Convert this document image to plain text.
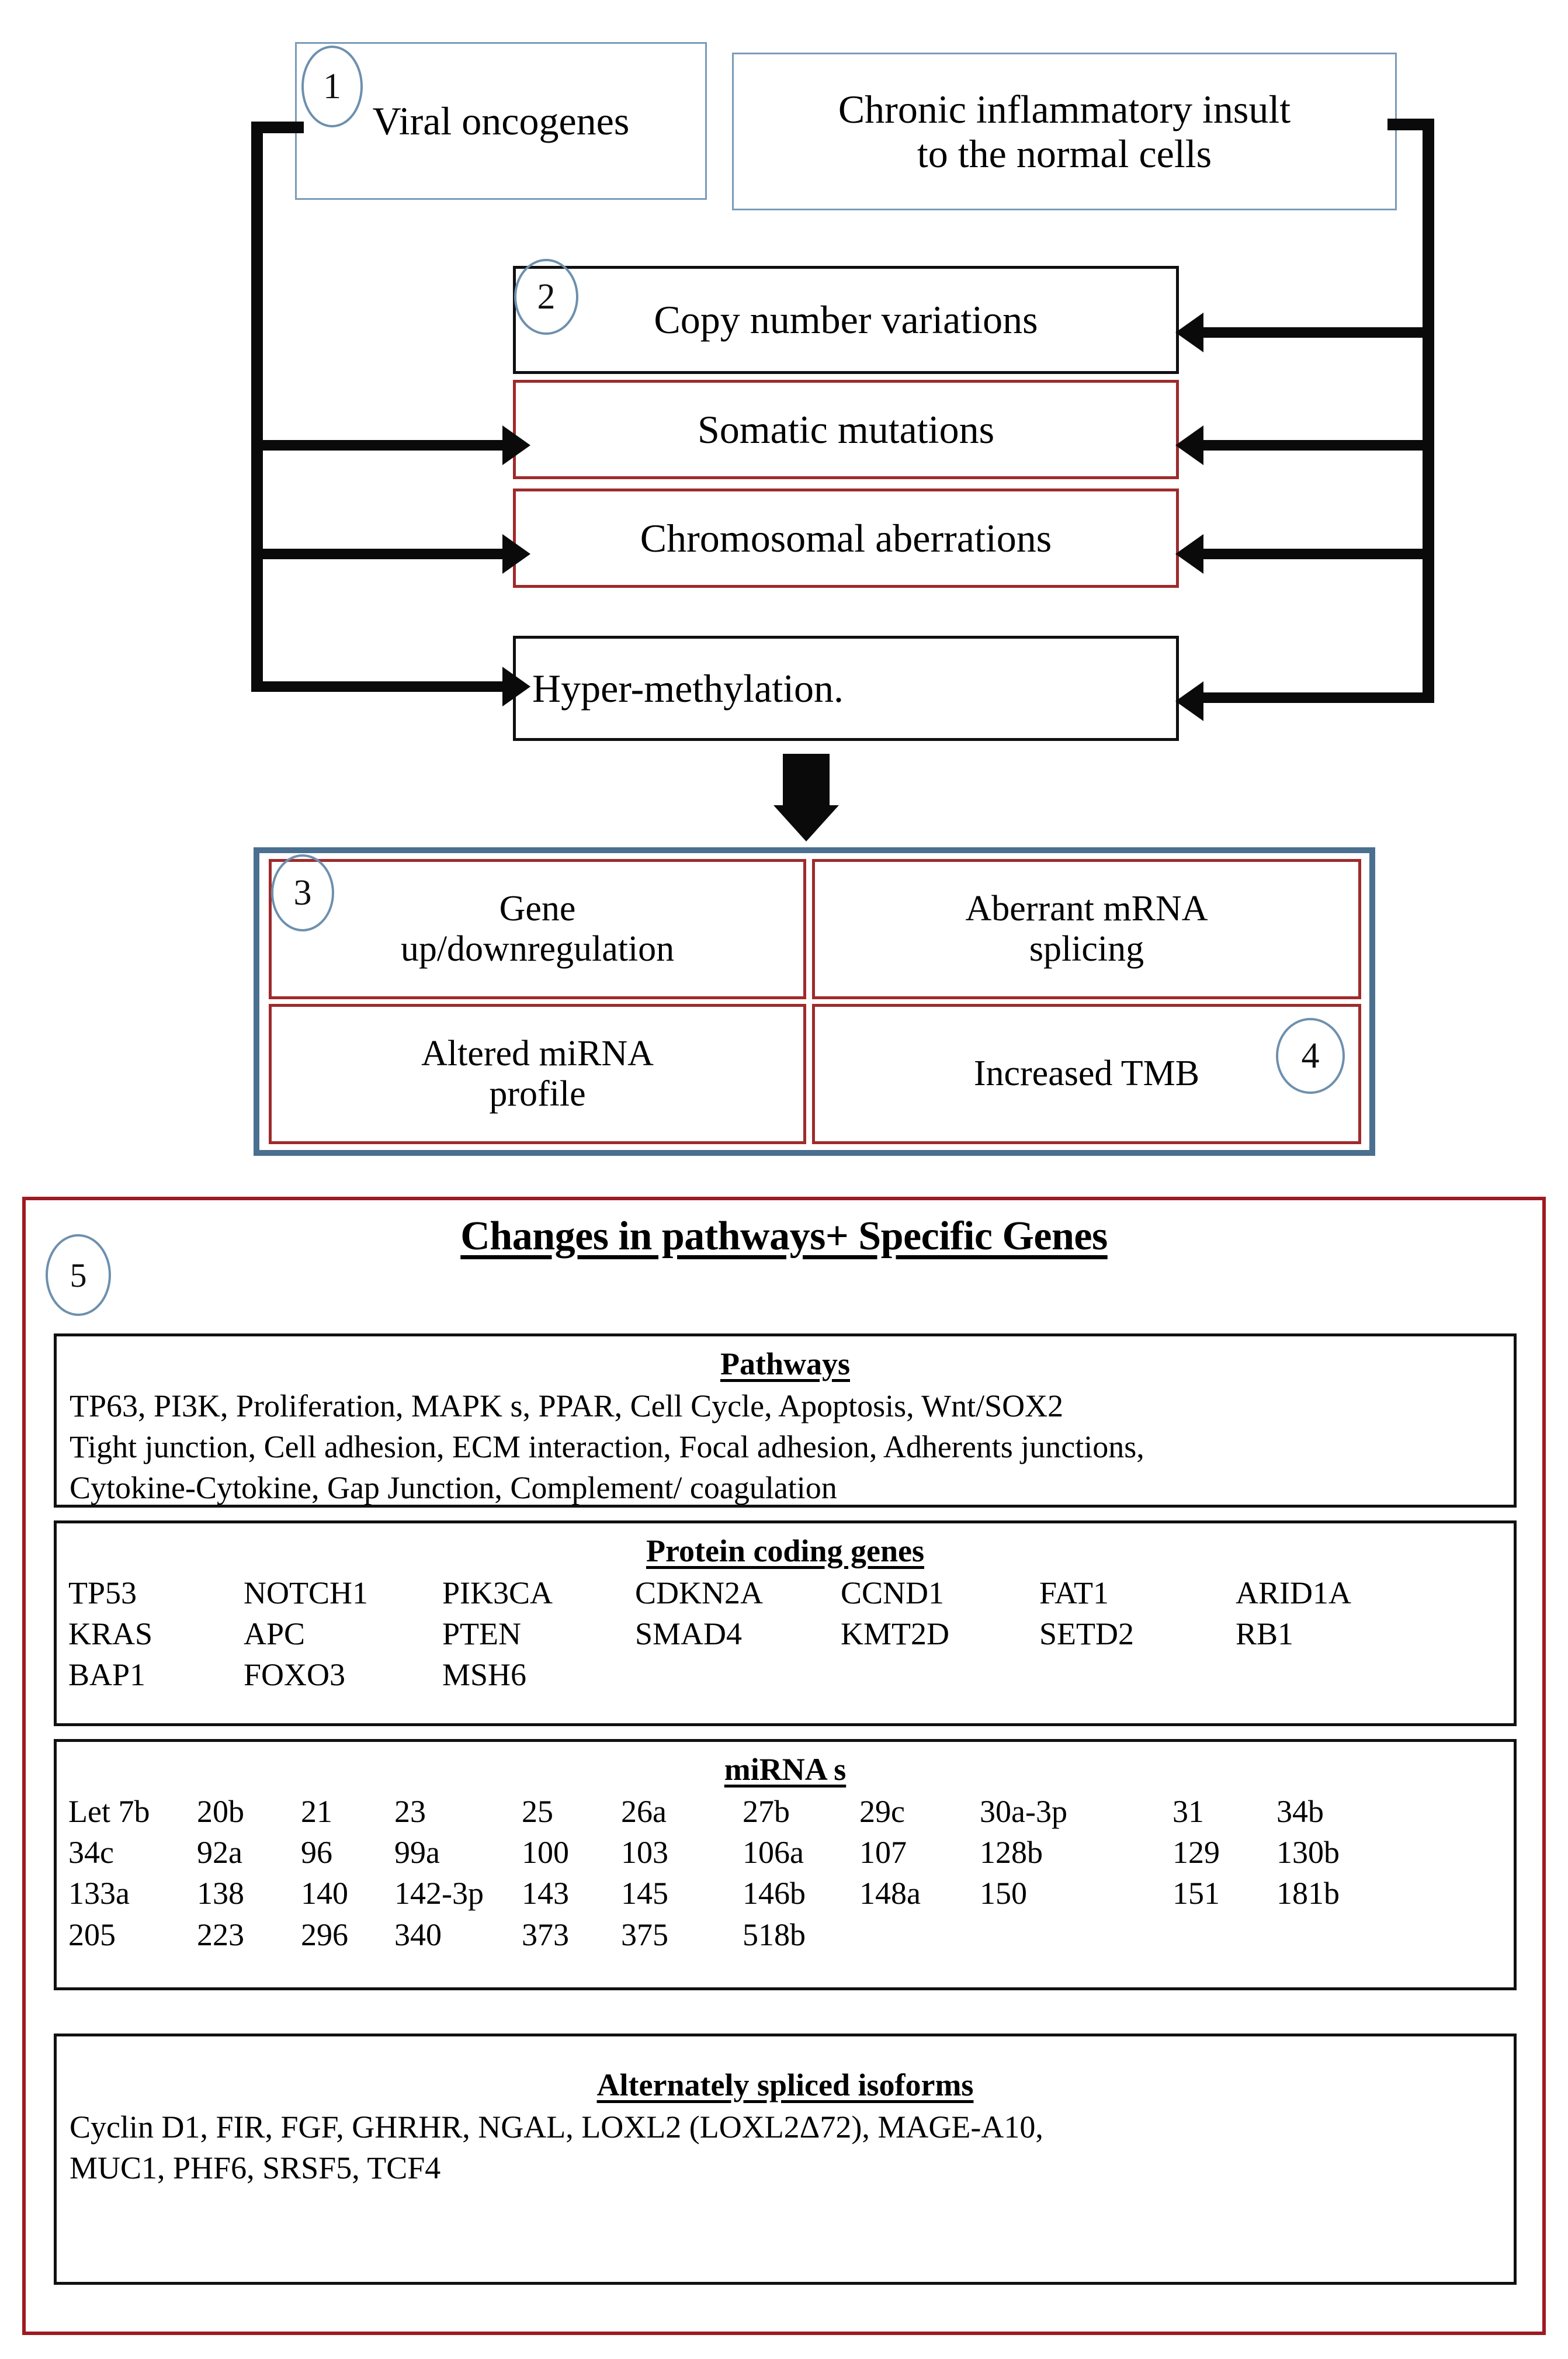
Viral oncogenes	Chronic inflammatory insult
to the normal cells
1
Copy number variations
Somatic mutations
Chromosomal aberrations
Hyper-methylation.
2
Gene
up/downregulation
Aberrant mRNA
splicing
Altered miRNA
profile
Increased TMB
3
4
Changes in pathways+ Specific Genes
5
Pathways
TP63, PI3K, Proliferation, MAPK s, PPAR, Cell Cycle, Apoptosis, Wnt/SOX2
Tight junction, Cell adhesion, ECM interaction, Focal adhesion, Adherents junctions,
Cytokine-Cytokine, Gap Junction, Complement/ coagulation
Protein coding genes
TP53	NOTCH1	PIK3CA	CDKN2A	CCND1	FAT1	ARID1A
KRAS	APC	PTEN	SMAD4	KMT2D	SETD2	RB1
BAP1	FOXO3	MSH6
miRNA s
Let 7b	20b	21	23	25	26a	27b	29c	30a-3p	31	34b
34c	92a	96	99a	100	103	106a	107	128b	129	130b
133a	138	140	142-3p	143	145	146b	148a	150	151	181b
205	223	296	340	373	375	518b
Alternately spliced isoforms
Cyclin D1, FIR, FGF, GHRHR, NGAL, LOXL2 (LOXL2Δ72), MAGE-A10,
MUC1, PHF6, SRSF5, TCF4
